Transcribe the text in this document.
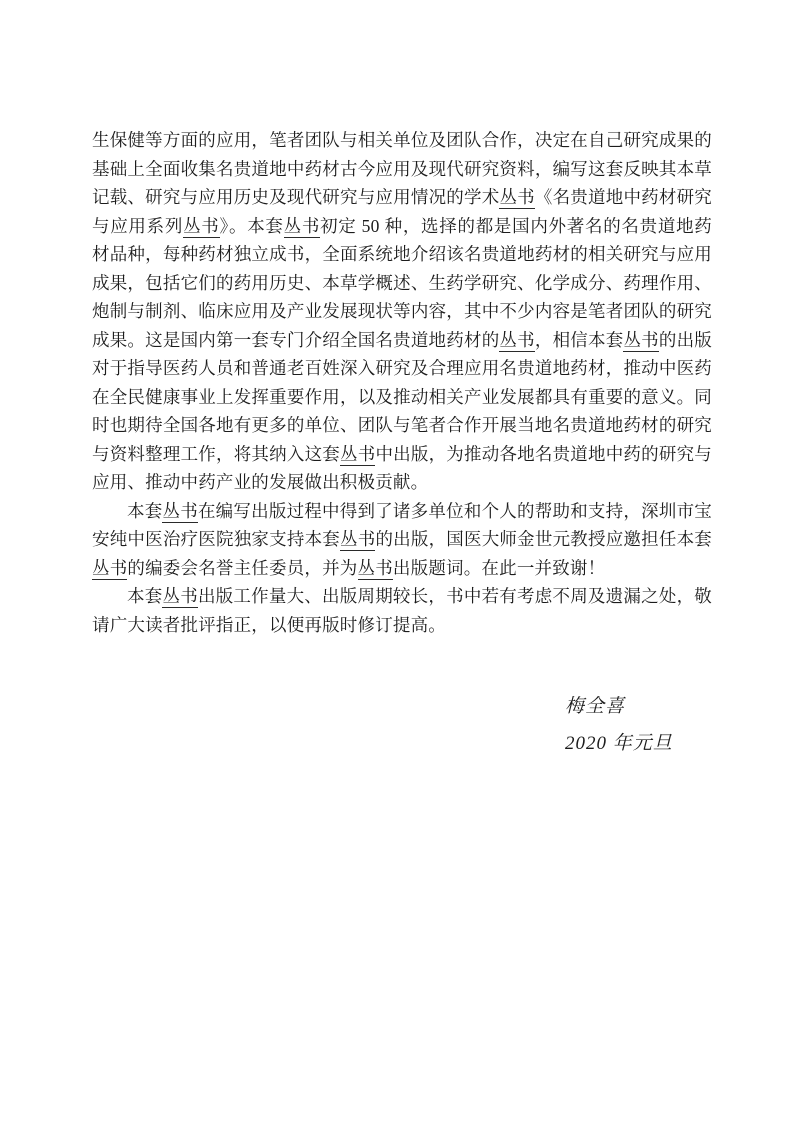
生保健等方面的应用，笔者团队与相关单位及团队合作，决定在自己研究成果的基础上全面收集名贵道地中药材古今应用及现代研究资料，编写这套反映其本草记载、研究与应用历史及现代研究与应用情况的学术丛书《名贵道地中药材研究与应用系列丛书》。本套丛书初定 50 种，选择的都是国内外著名的名贵道地药材品种，每种药材独立成书，全面系统地介绍该名贵道地药材的相关研究与应用成果，包括它们的药用历史、本草学概述、生药学研究、化学成分、药理作用、炮制与制剂、临床应用及产业发展现状等内容，其中不少内容是笔者团队的研究成果。这是国内第一套专门介绍全国名贵道地药材的丛书，相信本套丛书的出版对于指导医药人员和普通老百姓深入研究及合理应用名贵道地药材，推动中医药在全民健康事业上发挥重要作用，以及推动相关产业发展都具有重要的意义。同时也期待全国各地有更多的单位、团队与笔者合作开展当地名贵道地药材的研究与资料整理工作，将其纳入这套丛书中出版，为推动各地名贵道地中药的研究与应用、推动中药产业的发展做出积极贡献。

本套丛书在编写出版过程中得到了诸多单位和个人的帮助和支持，深圳市宝安纯中医治疗医院独家支持本套丛书的出版，国医大师金世元教授应邀担任本套丛书的编委会名誉主任委员，并为丛书出版题词。在此一并致谢！

本套丛书出版工作量大、出版周期较长，书中若有考虑不周及遗漏之处，敬请广大读者批评指正，以便再版时修订提高。

梅全喜
2020 年元旦
